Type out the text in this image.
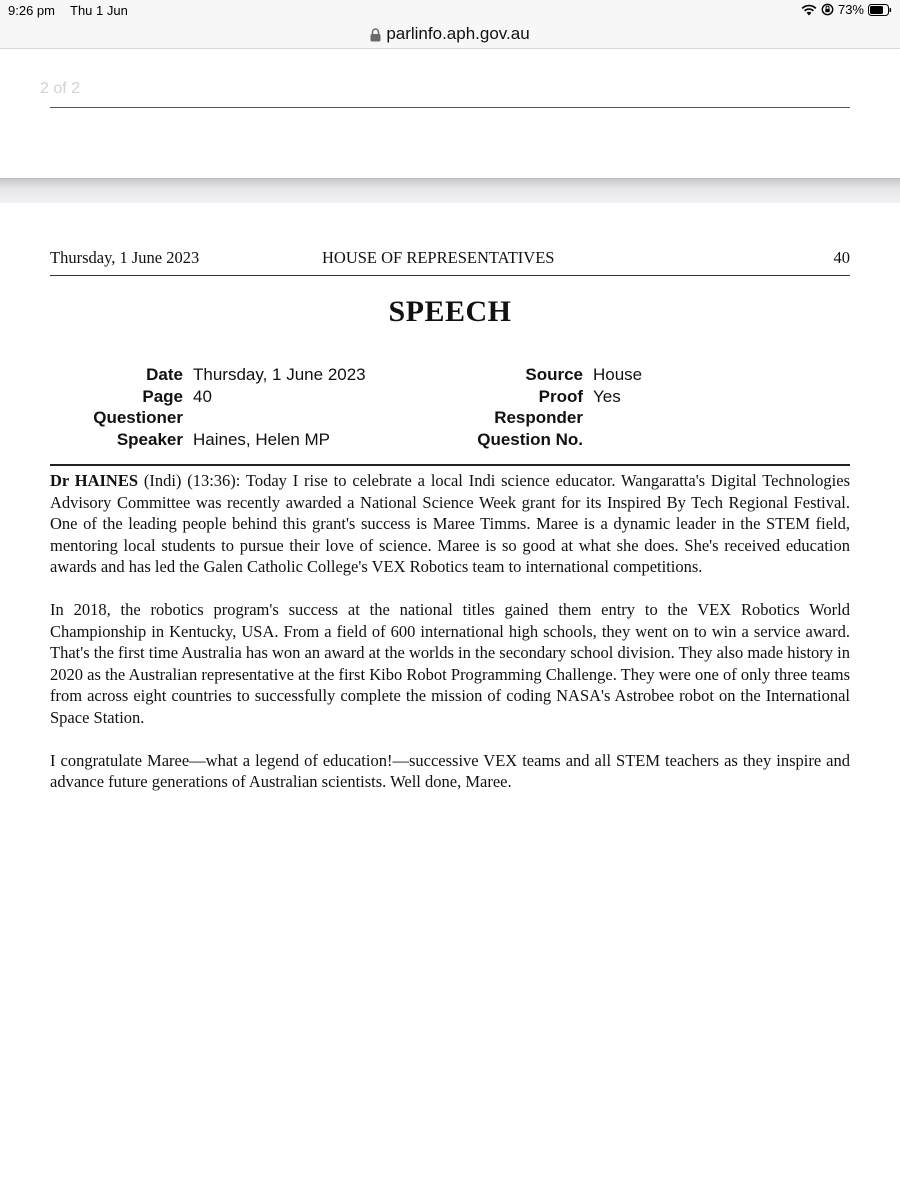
9:26 pm Thu 1 Jun	73%
parlinfo.aph.gov.au
2 of 2
Thursday, 1 June 2023	HOUSE OF REPRESENTATIVES	40
SPEECH
Date Thursday, 1 June 2023	Source House
Page 40	Proof Yes
Questioner	Responder
Speaker Haines, Helen MP	Question No.

Dr HAINES (Indi) (13:36): Today I rise to celebrate a local Indi science educator. Wangaratta's Digital Technologies Advisory Committee was recently awarded a National Science Week grant for its Inspired By Tech Regional Festival. One of the leading people behind this grant's success is Maree Timms. Maree is a dynamic leader in the STEM field, mentoring local students to pursue their love of science. Maree is so good at what she does. She's received education awards and has led the Galen Catholic College's VEX Robotics team to international competitions.

In 2018, the robotics program's success at the national titles gained them entry to the VEX Robotics World Championship in Kentucky, USA. From a field of 600 international high schools, they went on to win a service award. That's the first time Australia has won an award at the worlds in the secondary school division. They also made history in 2020 as the Australian representative at the first Kibo Robot Programming Challenge. They were one of only three teams from across eight countries to successfully complete the mission of coding NASA's Astrobee robot on the International Space Station.

I congratulate Maree—what a legend of education!—successive VEX teams and all STEM teachers as they inspire and advance future generations of Australian scientists. Well done, Maree.
